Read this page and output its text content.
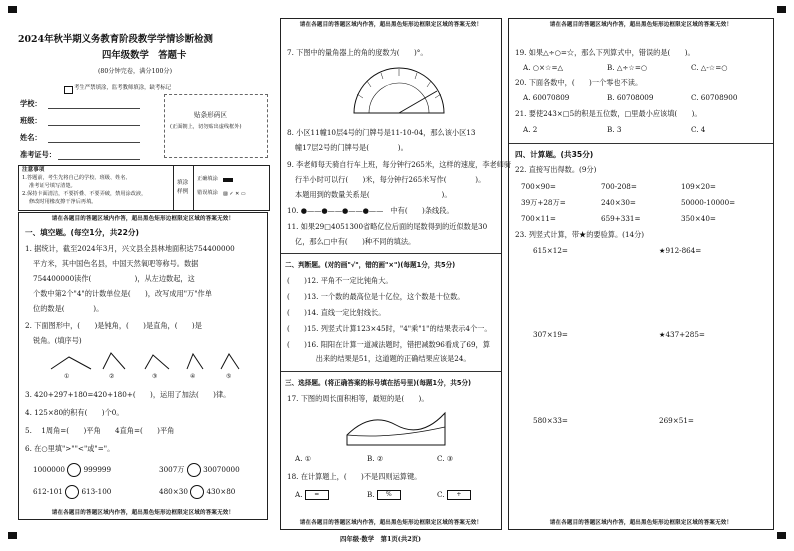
2024年秋半期义务教育阶段教学学情诊断检测
四年级数学　答题卡
(80分钟完卷，满分100分)
学校：
班级：
姓名：
准考证号：
考生严禁填涂，监考教师填涂，缺考标记
贴条形码区
(正面朝上，切勿贴出虚线框外)
注意事项
1.答题前，考生先将自己的学校、班级、姓名、
准考证号填写清楚。
2.保持卡面清洁，不要折叠、不要弄破，禁用涂改液，
修改时用橡皮擦干净后再填。
填涂样例
正确填涂
错误填涂 ▨ ✓ ✕ ▭
请在各题目的答题区域内作答，超出黑色矩形边框限定区域的答案无效！
一、填空题。(每空1分，共22分)
1. 据统计，截至2024年3月，兴文县全县林地面积达754400000
平方米，其中国色名县，中国天然氧吧等称号。数据
754400000读作(　　　　　　)，从左边数起，这
个数中第2个"4"的计数单位是(　　)，改写成用"万"作单
位的数是(　　　　)。
2. 下面图形中，(　　)是钝角，(　　)是直角，(　　)是
锐角。(填序号)
①	②	③	④	⑤
3. 420+297+180=420+180+(　　)，运用了加法(　　)律。
4. 125×80的积有(　　)个0。
5. 　1周角=(　　)平角　　4直角=(　　)平角
6. 在○里填">""<"或"="。
1000000	999999	3007万	30070000
612-101	613-100	480×30	430×80
请在各题目的答题区域内作答，超出黑色矩形边框限定区域的答案无效！
请在各题目的答题区域内作答，超出黑色矩形边框限定区域的答案无效！
7. 下图中的量角器上的角的度数为(　　)°。
8. 小区11幢10层4号的门牌号是11-10-04，那么该小区13
幢17层2号的门牌号是(　　　　)。
9. 李老师每天骑自行车上班，每分钟行265米，这样的速度，李老师骑
行半小时可以行(　　)米，每分钟行265米写作(　　　　)。
本题用到的数量关系是(　　　　　　　　　　)。
10. ●——●——●——●——　中有(　　)条线段。
11. 如果29□4051300省略亿位后面的尾数得到的近似数是30
亿，那么□中有(　　)种不同的填法。
二、判断题。(对的画"√"，错的画"×")(每题1分，共5分)
(　　)12. 平角不一定比钝角大。
(　　)13. 一个数的最高位是十亿位，这个数是十位数。
(　　)14. 直线一定比射线长。
(　　)15. 列竖式计算123×45时，"4"乘"1"的结果表示4个一。
(　　)16. 阳阳在计算一道减法题时，错把减数96看成了69，算
　　　　出来的结果是51，这道题的正确结果应该是24。
三、选择题。(将正确答案的标号填在括号里)(每题1分，共5分)
17. 下图的周长面积相等，最短的是(　　)。
A. ①	B. ②	C. ③
18. 在计算题上，(　　)不是四则运算键。
A. =	B. %	C. +
请在各题目的答题区域内作答，超出黑色矩形边框限定区域的答案无效！
请在各题目的答题区域内作答，超出黑色矩形边框限定区域的答案无效！
19. 如果△÷○=☆，那么下列算式中，错误的是(　　)。
A. ○×☆=△	B. △÷☆=○	C. △-☆=○
20. 下面各数中，(　　)一个零也不读。
A. 60070809	B. 60708009	C. 60708900
21. 要使243×□5的积是五位数，□里最小应该填(　　)。
A. 2	B. 3	C. 4
四、计算题。(共35分)
22. 直接写出得数。(9分)
700×90=	700-208=	109×20=
39万+28万=	240×30=	50000-10000=
700×11=	659+331=	350×40=
23. 列竖式计算，带★的要验算。(14分)
615×12=	★912-864=
307×19=	★437+285=
580×33=	269×51=
请在各题目的答题区域内作答，超出黑色矩形边框限定区域的答案无效！
四年级·数学　第1页(共2页)
